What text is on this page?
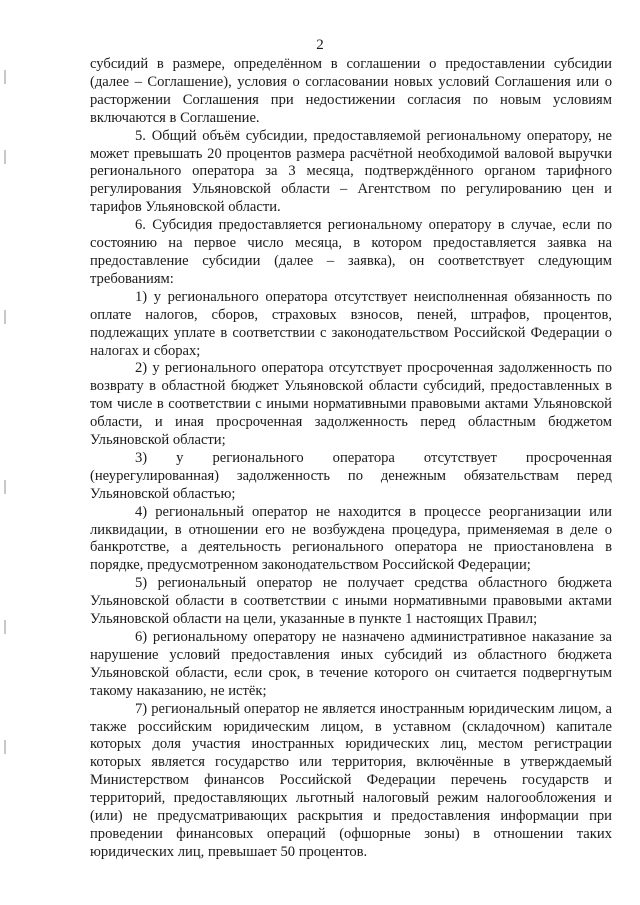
2

субсидий в размере, определённом в соглашении о предоставлении субсидии (далее – Соглашение), условия о согласовании новых условий Соглашения или о расторжении Соглашения при недостижении согласия по новым условиям включаются в Соглашение.

5. Общий объём субсидии, предоставляемой региональному оператору, не может превышать 20 процентов размера расчётной необходимой валовой выручки регионального оператора за 3 месяца, подтверждённого органом тарифного регулирования Ульяновской области – Агентством по регулированию цен и тарифов Ульяновской области.

6. Субсидия предоставляется региональному оператору в случае, если по состоянию на первое число месяца, в котором предоставляется заявка на предоставление субсидии (далее – заявка), он соответствует следующим требованиям:

1) у регионального оператора отсутствует неисполненная обязанность по оплате налогов, сборов, страховых взносов, пеней, штрафов, процентов, подлежащих уплате в соответствии с законодательством Российской Федерации о налогах и сборах;

2) у регионального оператора отсутствует просроченная задолженность по возврату в областной бюджет Ульяновской области субсидий, предоставленных в том числе в соответствии с иными нормативными правовыми актами Ульяновской области, и иная просроченная задолженность перед областным бюджетом Ульяновской области;

3) у регионального оператора отсутствует просроченная (неурегулированная) задолженность по денежным обязательствам перед Ульяновской областью;

4) региональный оператор не находится в процессе реорганизации или ликвидации, в отношении его не возбуждена процедура, применяемая в деле о банкротстве, а деятельность регионального оператора не приостановлена в порядке, предусмотренном законодательством Российской Федерации;

5) региональный оператор не получает средства областного бюджета Ульяновской области в соответствии с иными нормативными правовыми актами Ульяновской области на цели, указанные в пункте 1 настоящих Правил;

6) региональному оператору не назначено административное наказание за нарушение условий предоставления иных субсидий из областного бюджета Ульяновской области, если срок, в течение которого он считается подвергнутым такому наказанию, не истёк;

7) региональный оператор не является иностранным юридическим лицом, а также российским юридическим лицом, в уставном (складочном) капитале которых доля участия иностранных юридических лиц, местом регистрации которых является государство или территория, включённые в утверждаемый Министерством финансов Российской Федерации перечень государств и территорий, предоставляющих льготный налоговый режим налогообложения и (или) не предусматривающих раскрытия и предоставления информации при проведении финансовых операций (офшорные зоны) в отношении таких юридических лиц, превышает 50 процентов.
